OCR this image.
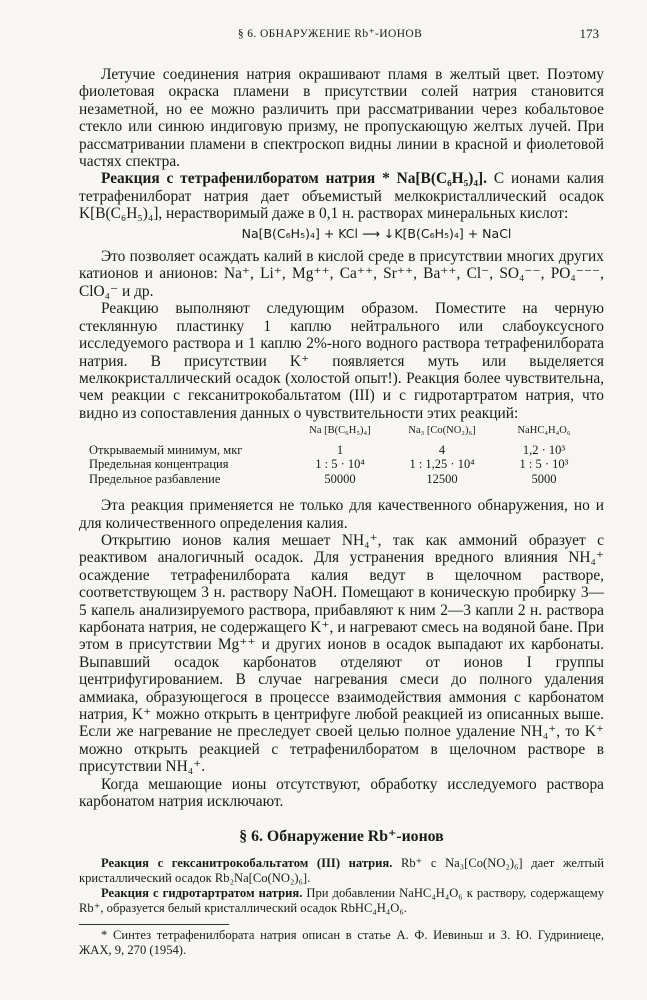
§ 6. ОБНАРУЖЕНИЕ Rb⁺-ИОНОВ	173

Летучие соединения натрия окрашивают пламя в желтый цвет. Поэтому фиолетовая окраска пламени в присутствии солей натрия становится незаметной, но ее можно различить при рассматривании через кобальтовое стекло или синюю индиговую призму, не пропускающую желтых лучей. При рассматривании пламени в спектроскоп видны линии в красной и фиолетовой частях спектра.

Реакция с тетрафенилборатом натрия * Na[B(C₆H₅)₄]. С ионами калия тетрафенилборат натрия дает объемистый мелкокристаллический осадок K[B(C₆H₅)₄], нерастворимый даже в 0,1 н. растворах минеральных кислот:

Na[B(C₆H₅)₄] + KCl ⟶ ↓K[B(C₆H₅)₄] + NaCl

Это позволяет осаждать калий в кислой среде в присутствии многих других катионов и анионов: Na⁺, Li⁺, Mg⁺⁺, Ca⁺⁺, Sr⁺⁺, Ba⁺⁺, Cl⁻, SO₄⁻⁻, PO₄⁻⁻⁻, ClO₄⁻ и др.

Реакцию выполняют следующим образом. Поместите на черную стеклянную пластинку 1 каплю нейтрального или слабоуксусного исследуемого раствора и 1 каплю 2%-ного водного раствора тетрафенилбората натрия. В присутствии K⁺ появляется муть или выделяется мелкокристаллический осадок (холостой опыт!). Реакция более чувствительна, чем реакции с гексанитрокобальтатом (III) и с гидротартратом натрия, что видно из сопоставления данных о чувствительности этих реакций:

	Na [B(C₆H₅)₄]	Na₃ [Co(NO₂)₆]	NaHC₄H₄O₆
Открываемый минимум, мкг	1	4	1,2 · 10³
Предельная концентрация	1 : 5 · 10⁴	1 : 1,25 · 10⁴	1 : 5 · 10³
Предельное разбавление	50000	12500	5000

Эта реакция применяется не только для качественного обнаружения, но и для количественного определения калия.

Открытию ионов калия мешает NH₄⁺, так как аммоний образует с реактивом аналогичный осадок. Для устранения вредного влияния NH₄⁺ осаждение тетрафенилбората калия ведут в щелочном растворе, соответствующем 3 н. раствору NaOH. Помещают в коническую пробирку 3—5 капель анализируемого раствора, прибавляют к ним 2—3 капли 2 н. раствора карбоната натрия, не содержащего K⁺, и нагревают смесь на водяной бане. При этом в присутствии Mg⁺⁺ и других ионов в осадок выпадают их карбонаты. Выпавший осадок карбонатов отделяют от ионов I группы центрифугированием. В случае нагревания смеси до полного удаления аммиака, образующегося в процессе взаимодействия аммония с карбонатом натрия, K⁺ можно открыть в центрифуге любой реакцией из описанных выше. Если же нагревание не преследует своей целью полное удаление NH₄⁺, то K⁺ можно открыть реакцией с тетрафенилборатом в щелочном растворе в присутствии NH₄⁺.

Когда мешающие ионы отсутствуют, обработку исследуемого раствора карбонатом натрия исключают.

§ 6. Обнаружение Rb⁺-ионов

Реакция с гексанитрокобальтатом (III) натрия. Rb⁺ с Na₃[Co(NO₂)₆] дает желтый кристаллический осадок Rb₂Na[Co(NO₂)₆].

Реакция с гидротартратом натрия. При добавлении NaHC₄H₄O₆ к раствору, содержащему Rb⁺, образуется белый кристаллический осадок RbHC₄H₄O₆.

* Синтез тетрафенилбората натрия описан в статье А. Ф. Иевиньш и З. Ю. Гудриниеце, ЖАХ, 9, 270 (1954).
